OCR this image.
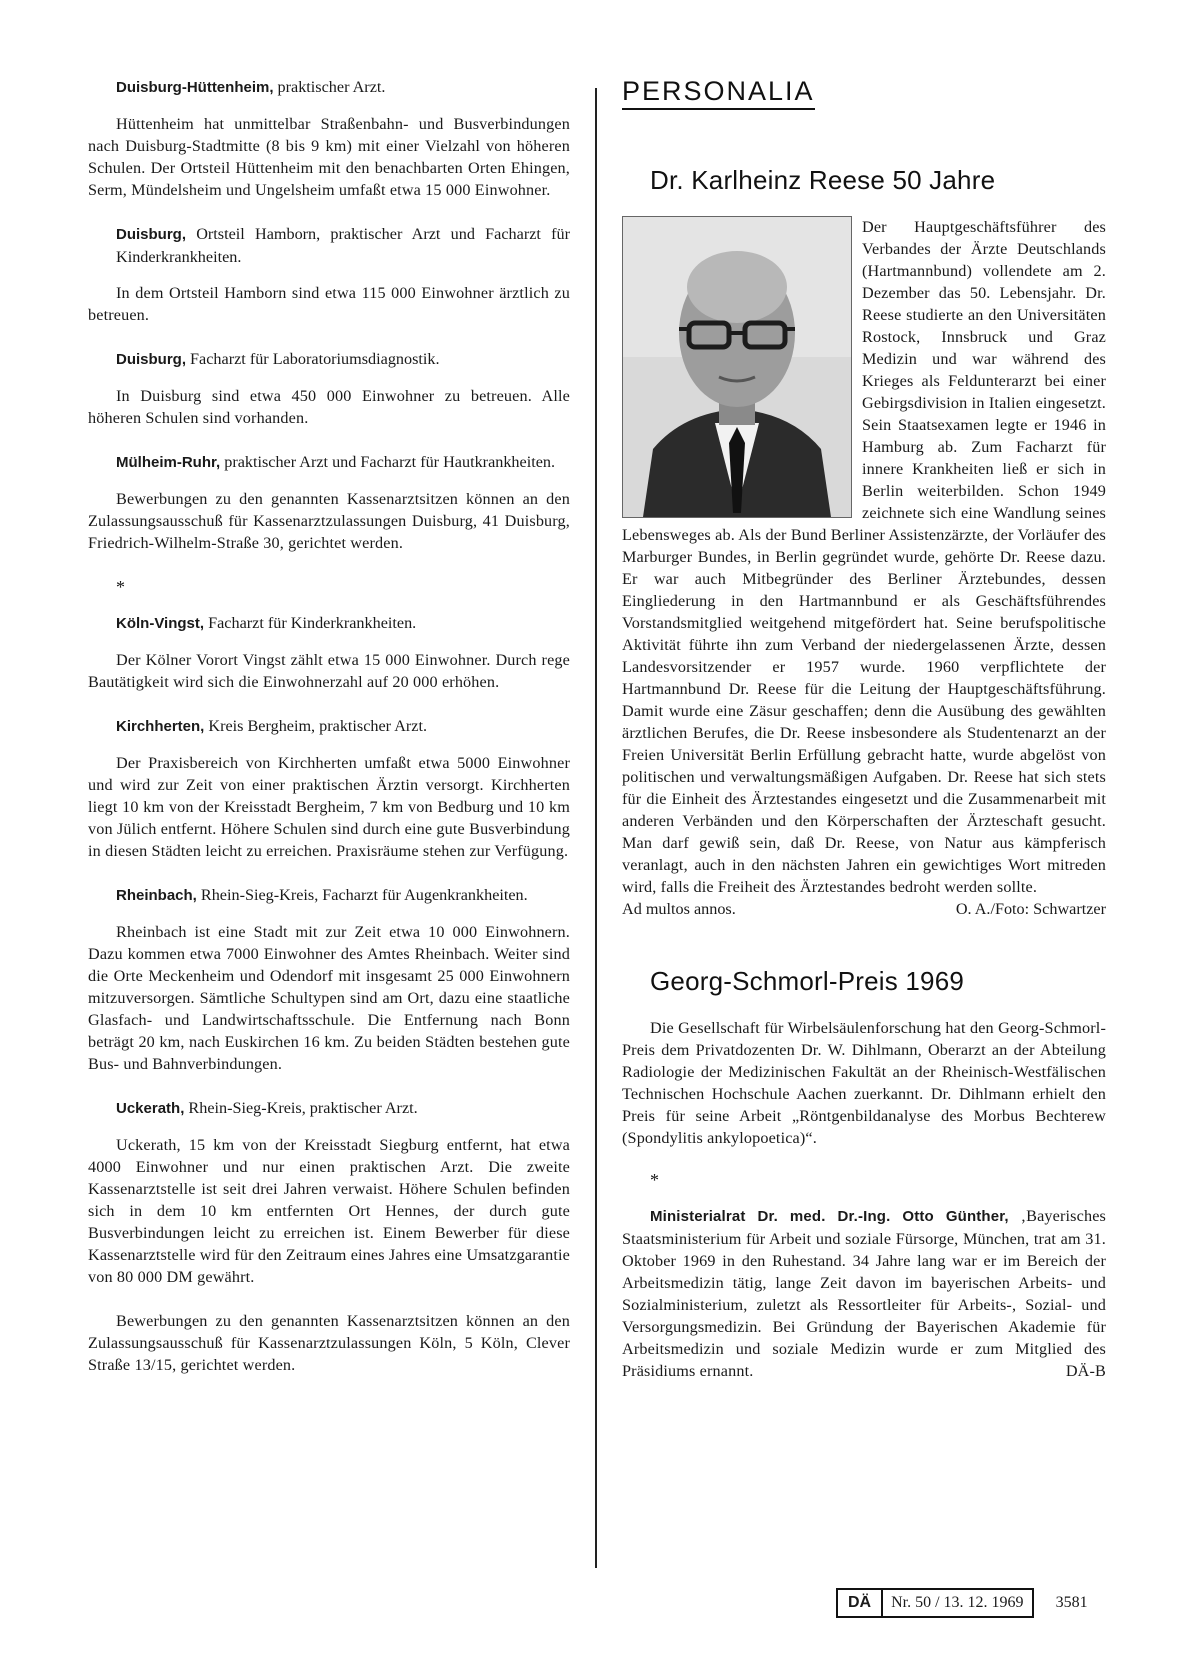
Duisburg-Hüttenheim, praktischer Arzt.

Hüttenheim hat unmittelbar Straßenbahn- und Busverbindungen nach Duisburg-Stadtmitte (8 bis 9 km) mit einer Vielzahl von höheren Schulen. Der Ortsteil Hüttenheim mit den benachbarten Orten Ehingen, Serm, Mündelsheim und Ungelsheim umfaßt etwa 15 000 Einwohner.

Duisburg, Ortsteil Hamborn, praktischer Arzt und Facharzt für Kinderkrankheiten.

In dem Ortsteil Hamborn sind etwa 115 000 Einwohner ärztlich zu betreuen.

Duisburg, Facharzt für Laboratoriumsdiagnostik.

In Duisburg sind etwa 450 000 Einwohner zu betreuen. Alle höheren Schulen sind vorhanden.

Mülheim-Ruhr, praktischer Arzt und Facharzt für Hautkrankheiten.

Bewerbungen zu den genannten Kassenarztsitzen können an den Zulassungsausschuß für Kassenarztzulassungen Duisburg, 41 Duisburg, Friedrich-Wilhelm-Straße 30, gerichtet werden.

*
Köln-Vingst, Facharzt für Kinderkrankheiten.

Der Kölner Vorort Vingst zählt etwa 15 000 Einwohner. Durch rege Bautätigkeit wird sich die Einwohnerzahl auf 20 000 erhöhen.

Kirchherten, Kreis Bergheim, praktischer Arzt.

Der Praxisbereich von Kirchherten umfaßt etwa 5000 Einwohner und wird zur Zeit von einer praktischen Ärztin versorgt. Kirchherten liegt 10 km von der Kreisstadt Bergheim, 7 km von Bedburg und 10 km von Jülich entfernt. Höhere Schulen sind durch eine gute Busverbindung in diesen Städten leicht zu erreichen. Praxisräume stehen zur Verfügung.

Rheinbach, Rhein-Sieg-Kreis, Facharzt für Augenkrankheiten.

Rheinbach ist eine Stadt mit zur Zeit etwa 10 000 Einwohnern. Dazu kommen etwa 7000 Einwohner des Amtes Rheinbach. Weiter sind die Orte Meckenheim und Odendorf mit insgesamt 25 000 Einwohnern mitzuversorgen. Sämtliche Schultypen sind am Ort, dazu eine staatliche Glasfach- und Landwirtschaftsschule. Die Entfernung nach Bonn beträgt 20 km, nach Euskirchen 16 km. Zu beiden Städten bestehen gute Bus- und Bahnverbindungen.

Uckerath, Rhein-Sieg-Kreis, praktischer Arzt.

Uckerath, 15 km von der Kreisstadt Siegburg entfernt, hat etwa 4000 Einwohner und nur einen praktischen Arzt. Die zweite Kassenarztstelle ist seit drei Jahren verwaist. Höhere Schulen befinden sich in dem 10 km entfernten Ort Hennes, der durch gute Busverbindungen leicht zu erreichen ist. Einem Bewerber für diese Kassenarztstelle wird für den Zeitraum eines Jahres eine Umsatzgarantie von 80 000 DM gewährt.

Bewerbungen zu den genannten Kassenarztsitzen können an den Zulassungsausschuß für Kassenarztzulassungen Köln, 5 Köln, Clever Straße 13/15, gerichtet werden.

PERSONALIA
Dr. Karlheinz Reese 50 Jahre

Der Hauptgeschäftsführer des Verbandes der Ärzte Deutschlands (Hartmannbund) vollendete am 2. Dezember das 50. Lebensjahr. Dr. Reese studierte an den Universitäten Rostock, Innsbruck und Graz Medizin und war während des Krieges als Feldunterarzt bei einer Gebirgsdivision in Italien eingesetzt. Sein Staatsexamen legte er 1946 in Hamburg ab. Zum Facharzt für innere Krankheiten ließ er sich in Berlin weiterbilden. Schon 1949 zeichnete sich eine Wandlung seines Lebensweges ab. Als der Bund Berliner Assistenzärzte, der Vorläufer des Marburger Bundes, in Berlin gegründet wurde, gehörte Dr. Reese dazu. Er war auch Mitbegründer des Berliner Ärztebundes, dessen Eingliederung in den Hartmannbund er als Geschäftsführendes Vorstandsmitglied weitgehend mitgefördert hat. Seine berufspolitische Aktivität führte ihn zum Verband der niedergelassenen Ärzte, dessen Landesvorsitzender er 1957 wurde. 1960 verpflichtete der Hartmannbund Dr. Reese für die Leitung der Hauptgeschäftsführung. Damit wurde eine Zäsur geschaffen; denn die Ausübung des gewählten ärztlichen Berufes, die Dr. Reese insbesondere als Studentenarzt an der Freien Universität Berlin Erfüllung gebracht hatte, wurde abgelöst von politischen und verwaltungsmäßigen Aufgaben. Dr. Reese hat sich stets für die Einheit des Ärztestandes eingesetzt und die Zusammenarbeit mit anderen Verbänden und den Körperschaften der Ärzteschaft gesucht. Man darf gewiß sein, daß Dr. Reese, von Natur aus kämpferisch veranlagt, auch in den nächsten Jahren ein gewichtiges Wort mitreden wird, falls die Freiheit des Ärztestandes bedroht werden sollte.

Ad multos annos.	O. A./Foto: Schwartzer
Georg-Schmorl-Preis 1969

Die Gesellschaft für Wirbelsäulenforschung hat den Georg-Schmorl-Preis dem Privatdozenten Dr. W. Dihlmann, Oberarzt an der Abteilung Radiologie der Medizinischen Fakultät an der Rheinisch-Westfälischen Technischen Hochschule Aachen zuerkannt. Dr. Dihlmann erhielt den Preis für seine Arbeit „Röntgenbildanalyse des Morbus Bechterew (Spondylitis ankylopoetica)“.

*

Ministerialrat Dr. med. Dr.-Ing. Otto Günther, ‚Bayerisches Staatsministerium für Arbeit und soziale Fürsorge, München, trat am 31. Oktober 1969 in den Ruhestand. 34 Jahre lang war er im Bereich der Arbeitsmedizin tätig, lange Zeit davon im bayerischen Arbeits- und Sozialministerium, zuletzt als Ressortleiter für Arbeits-, Sozial- und Versorgungsmedizin. Bei Gründung der Bayerischen Akademie für Arbeitsmedizin und soziale Medizin wurde er zum Mitglied des Präsidiums ernannt.	DÄ-B

DÄ	Nr. 50 / 13. 12. 1969	3581
